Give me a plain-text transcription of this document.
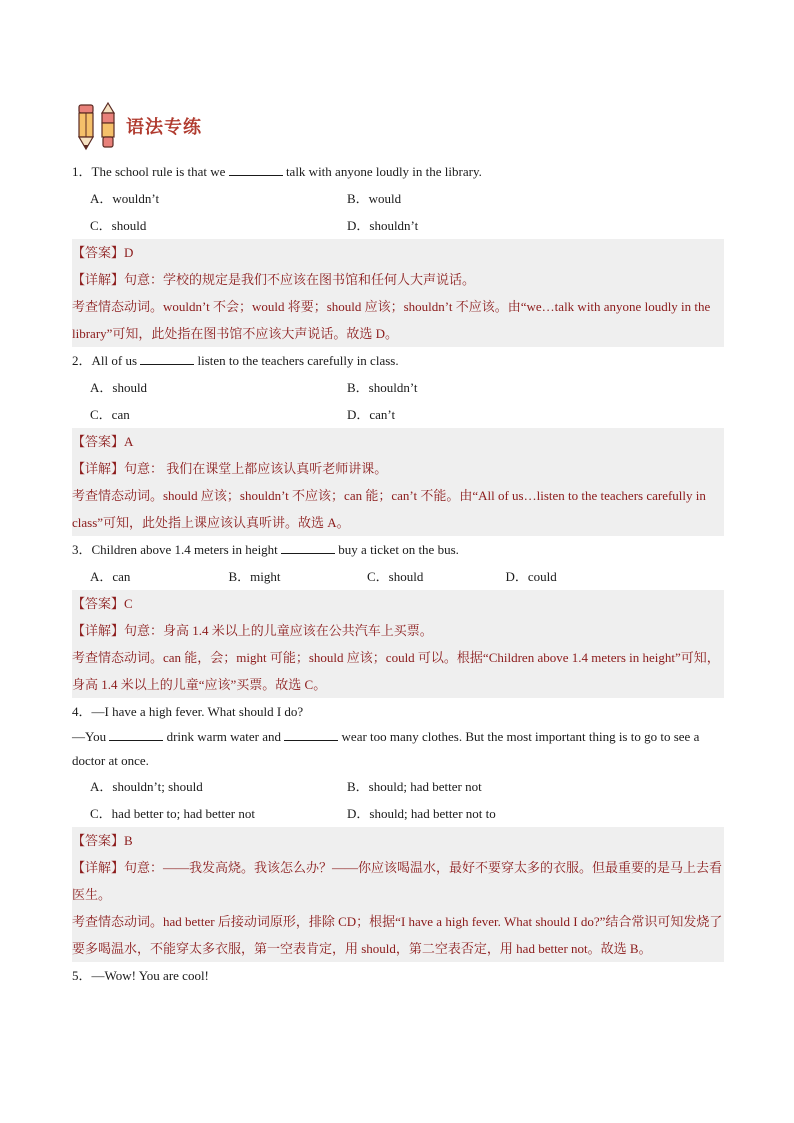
语法专练
1．The school rule is that we	talk with anyone loudly in the library.
A．wouldn’t	B．would
C．should	D．shouldn’t
【答案】D
【详解】句意：学校的规定是我们不应该在图书馆和任何人大声说话。
考查情态动词。wouldn’t 不会；would 将要；should 应该；shouldn’t 不应该。由“we…talk with anyone loudly in the library”可知，此处指在图书馆不应该大声说话。故选 D。
2．All of us	listen to the teachers carefully in class.
A．should	B．shouldn’t
C．can	D．can’t
【答案】A
【详解】句意： 我们在课堂上都应该认真听老师讲课。
考查情态动词。should 应该；shouldn’t 不应该；can 能；can’t 不能。由“All of us…listen to the teachers carefully in class”可知，此处指上课应该认真听讲。故选 A。
3．Children above 1.4 meters in height	buy a ticket on the bus.
A．can	B．might	C．should	D．could
【答案】C
【详解】句意：身高 1.4 米以上的儿童应该在公共汽车上买票。
考查情态动词。can 能，会；might 可能；should 应该；could 可以。根据“Children above 1.4 meters in height”可知，身高 1.4 米以上的儿童“应该”买票。故选 C。
4．—I have a high fever. What should I do?
—You	drink warm water and	wear too many clothes. But the most important thing is to go to see a doctor at once.
A．shouldn’t; should	B．should; had better not
C．had better to; had better not	D．should; had better not to
【答案】B
【详解】句意：——我发高烧。我该怎么办？——你应该喝温水，最好不要穿太多的衣服。但最重要的是马上去看医生。
考查情态动词。had better 后接动词原形，排除 CD；根据“I have a high fever. What should I do?”结合常识可知发烧了要多喝温水，不能穿太多衣服，第一空表肯定，用 should，第二空表否定，用 had better not。故选 B。
5．—Wow! You are cool!
